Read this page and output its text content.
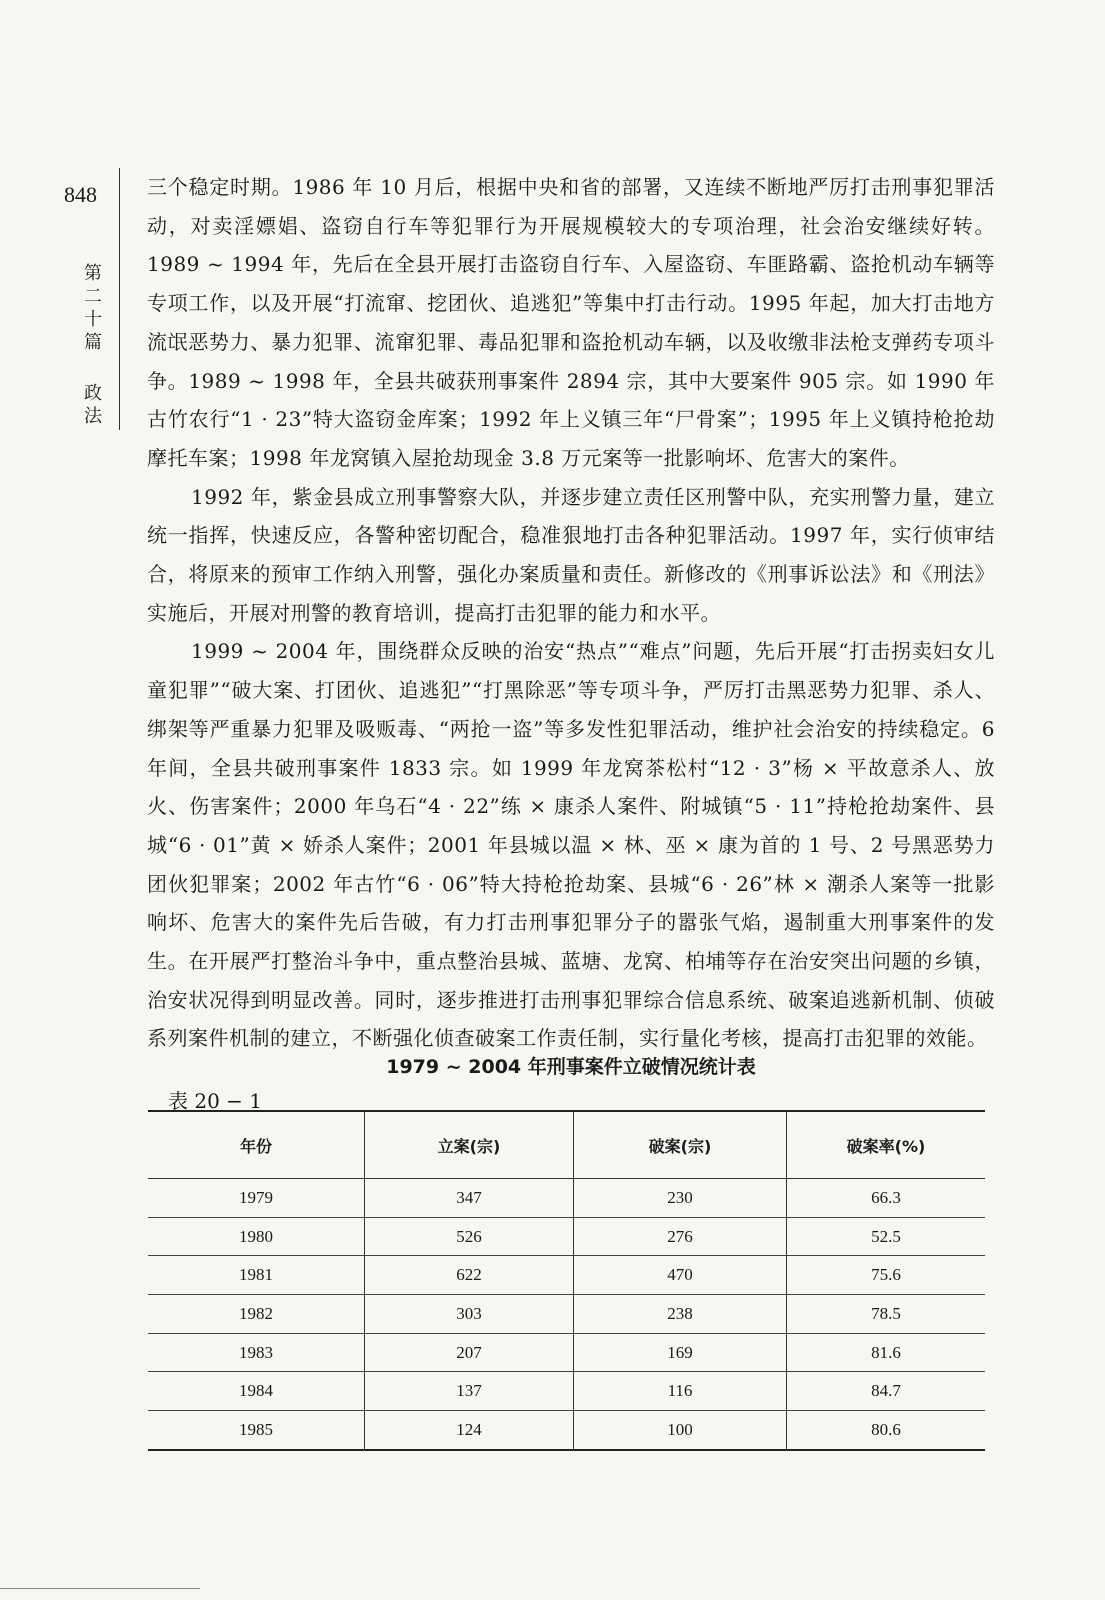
848
第
二
十
篇
政
法

三个稳定时期。1986 年 10 月后，根据中央和省的部署，又连续不断地严厉打击刑事犯罪活动，对卖淫嫖娼、盗窃自行车等犯罪行为开展规模较大的专项治理，社会治安继续好转。1989 ~ 1994 年，先后在全县开展打击盗窃自行车、入屋盗窃、车匪路霸、盗抢机动车辆等专项工作，以及开展“打流窜、挖团伙、追逃犯”等集中打击行动。1995 年起，加大打击地方流氓恶势力、暴力犯罪、流窜犯罪、毒品犯罪和盗抢机动车辆，以及收缴非法枪支弹药专项斗争。1989 ~ 1998 年，全县共破获刑事案件 2894 宗，其中大要案件 905 宗。如 1990 年古竹农行“1 · 23”特大盗窃金库案；1992 年上义镇三年“尸骨案”；1995 年上义镇持枪抢劫摩托车案；1998 年龙窝镇入屋抢劫现金 3.8 万元案等一批影响坏、危害大的案件。

1992 年，紫金县成立刑事警察大队，并逐步建立责任区刑警中队，充实刑警力量，建立统一指挥，快速反应，各警种密切配合，稳准狠地打击各种犯罪活动。1997 年，实行侦审结合，将原来的预审工作纳入刑警，强化办案质量和责任。新修改的《刑事诉讼法》和《刑法》实施后，开展对刑警的教育培训，提高打击犯罪的能力和水平。

1999 ~ 2004 年，围绕群众反映的治安“热点”“难点”问题，先后开展“打击拐卖妇女儿童犯罪”“破大案、打团伙、追逃犯”“打黑除恶”等专项斗争，严厉打击黑恶势力犯罪、杀人、绑架等严重暴力犯罪及吸贩毒、“两抢一盗”等多发性犯罪活动，维护社会治安的持续稳定。6 年间，全县共破刑事案件 1833 宗。如 1999 年龙窝茶松村“12 · 3”杨 × 平故意杀人、放火、伤害案件；2000 年乌石“4 · 22”练 × 康杀人案件、附城镇“5 · 11”持枪抢劫案件、县城“6 · 01”黄 × 娇杀人案件；2001 年县城以温 × 林、巫 × 康为首的 1 号、2 号黑恶势力团伙犯罪案；2002 年古竹“6 · 06”特大持枪抢劫案、县城“6 · 26”林 × 潮杀人案等一批影响坏、危害大的案件先后告破，有力打击刑事犯罪分子的嚣张气焰，遏制重大刑事案件的发生。在开展严打整治斗争中，重点整治县城、蓝塘、龙窝、柏埔等存在治安突出问题的乡镇，治安状况得到明显改善。同时，逐步推进打击刑事犯罪综合信息系统、破案追逃新机制、侦破系列案件机制的建立，不断强化侦查破案工作责任制，实行量化考核，提高打击犯罪的效能。

1979 ~ 2004 年刑事案件立破情况统计表
表 20 − 1
年份	立案(宗)	破案(宗)	破案率(%)
1979	347	230	66.3
1980	526	276	52.5
1981	622	470	75.6
1982	303	238	78.5
1983	207	169	81.6
1984	137	116	84.7
1985	124	100	80.6
